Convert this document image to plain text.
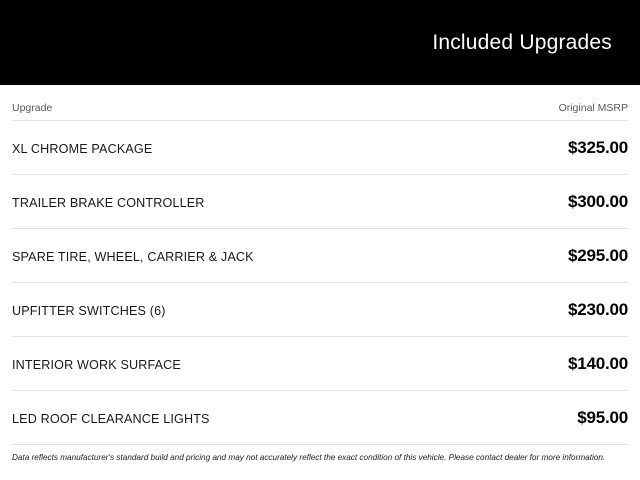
Included Upgrades
Upgrade	Original MSRP
XL CHROME PACKAGE	$325.00
TRAILER BRAKE CONTROLLER	$300.00
SPARE TIRE, WHEEL, CARRIER & JACK	$295.00
UPFITTER SWITCHES (6)	$230.00
INTERIOR WORK SURFACE	$140.00
LED ROOF CLEARANCE LIGHTS	$95.00
Data reflects manufacturer's standard build and pricing and may not accurately reflect the exact condition of this vehicle. Please contact dealer for more information.
